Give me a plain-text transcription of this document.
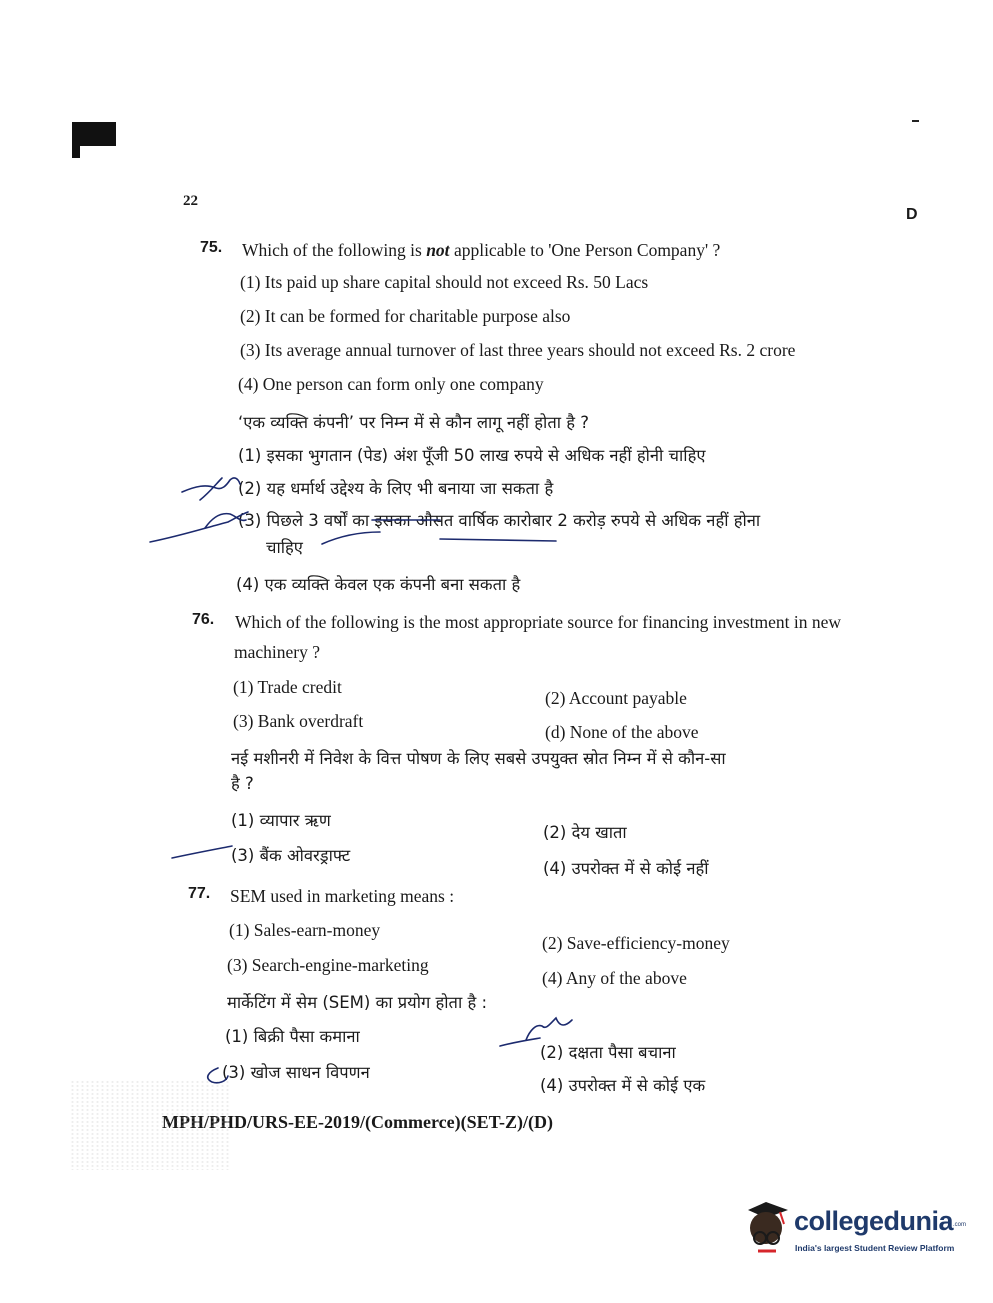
22
D
75. Which of the following is not applicable to 'One Person Company' ?
(1) Its paid up share capital should not exceed Rs. 50 Lacs
(2) It can be formed for charitable purpose also
(3) Its average annual turnover of last three years should not exceed Rs. 2 crore
(4) One person can form only one company
‘एक व्यक्ति कंपनी’ पर निम्न में से कौन लागू नहीं होता है ?
(1) इसका भुगतान (पेड) अंश पूँजी 50 लाख रुपये से अधिक नहीं होनी चाहिए
(2) यह धर्मार्थ उद्देश्य के लिए भी बनाया जा सकता है
(3) पिछले 3 वर्षों का इसका औसत वार्षिक कारोबार 2 करोड़ रुपये से अधिक नहीं होना
चाहिए
(4) एक व्यक्ति केवल एक कंपनी बना सकता है
76. Which of the following is the most appropriate source for financing investment in new
machinery ?
(1) Trade credit
(2) Account payable
(3) Bank overdraft
(d) None of the above
नई मशीनरी में निवेश के वित्त पोषण के लिए सबसे उपयुक्त स्रोत निम्न में से कौन-सा
है ?
(1) व्यापार ऋण
(2) देय खाता
(3) बैंक ओवरड्राफ्ट
(4) उपरोक्त में से कोई नहीं
77. SEM used in marketing means :
(1) Sales-earn-money
(2) Save-efficiency-money
(3) Search-engine-marketing
(4) Any of the above
मार्केटिंग में सेम (SEM) का प्रयोग होता है :
(1) बिक्री पैसा कमाना
(2) दक्षता पैसा बचाना
(3) खोज साधन विपणन
(4) उपरोक्त में से कोई एक
MPH/PHD/URS-EE-2019/(Commerce)(SET-Z)/(D)
collegedunia .com
India's largest Student Review Platform
